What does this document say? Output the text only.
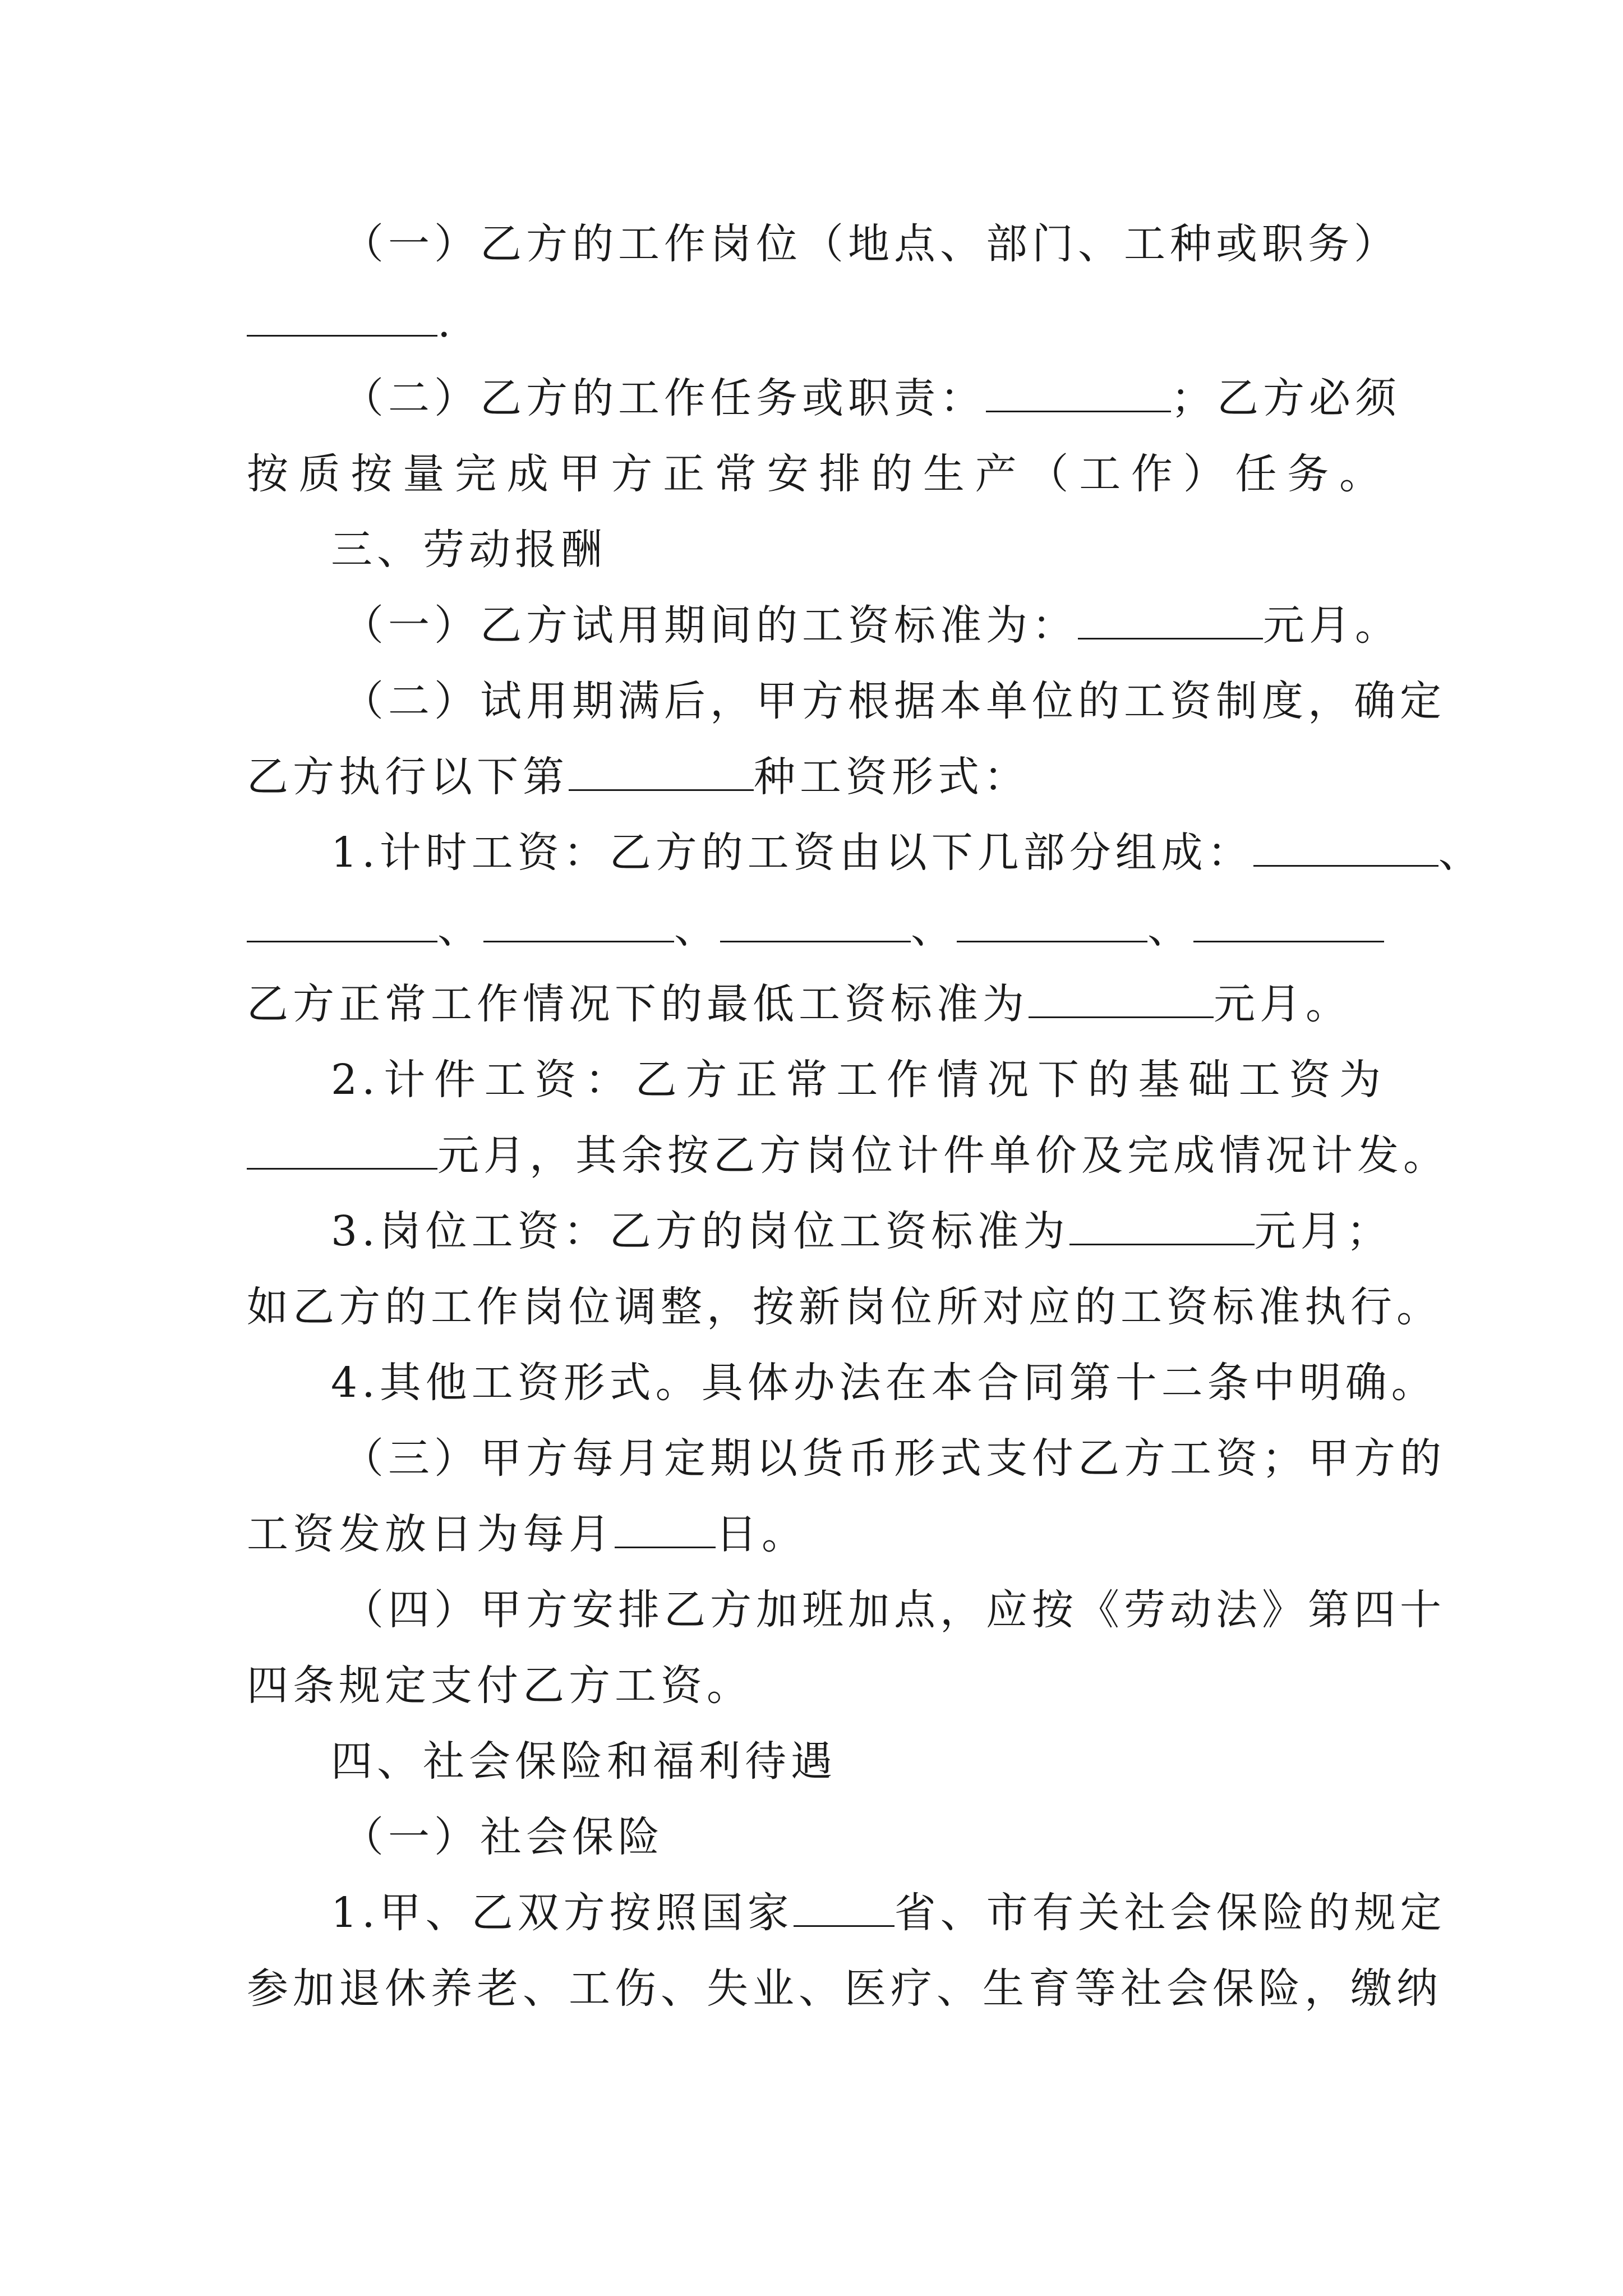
（一）乙方的工作岗位（地点、部门、工种或职务）
.
（二）乙方的工作任务或职责：	；乙方必须
按质按量完成甲方正常安排的生产（工作）任务。
三、劳动报酬
（一）乙方试用期间的工资标准为：	元月。
（二）试用期满后，甲方根据本单位的工资制度，确定
乙方执行以下第	种工资形式：
1.计时工资：乙方的工资由以下几部分组成：	、
、	、	、	、
乙方正常工作情况下的最低工资标准为	元月。
2.计件工资：乙方正常工作情况下的基础工资为
元月，其余按乙方岗位计件单价及完成情况计发。
3.岗位工资：乙方的岗位工资标准为	元月；
如乙方的工作岗位调整，按新岗位所对应的工资标准执行。
4.其他工资形式。具体办法在本合同第十二条中明确。
（三）甲方每月定期以货币形式支付乙方工资；甲方的
工资发放日为每月 日。
（四）甲方安排乙方加班加点，应按《劳动法》第四十
四条规定支付乙方工资。
四、社会保险和福利待遇
（一）社会保险
1.甲、乙双方按照国家 省、市有关社会保险的规定
参加退休养老、工伤、失业、医疗、生育等社会保险，缴纳
